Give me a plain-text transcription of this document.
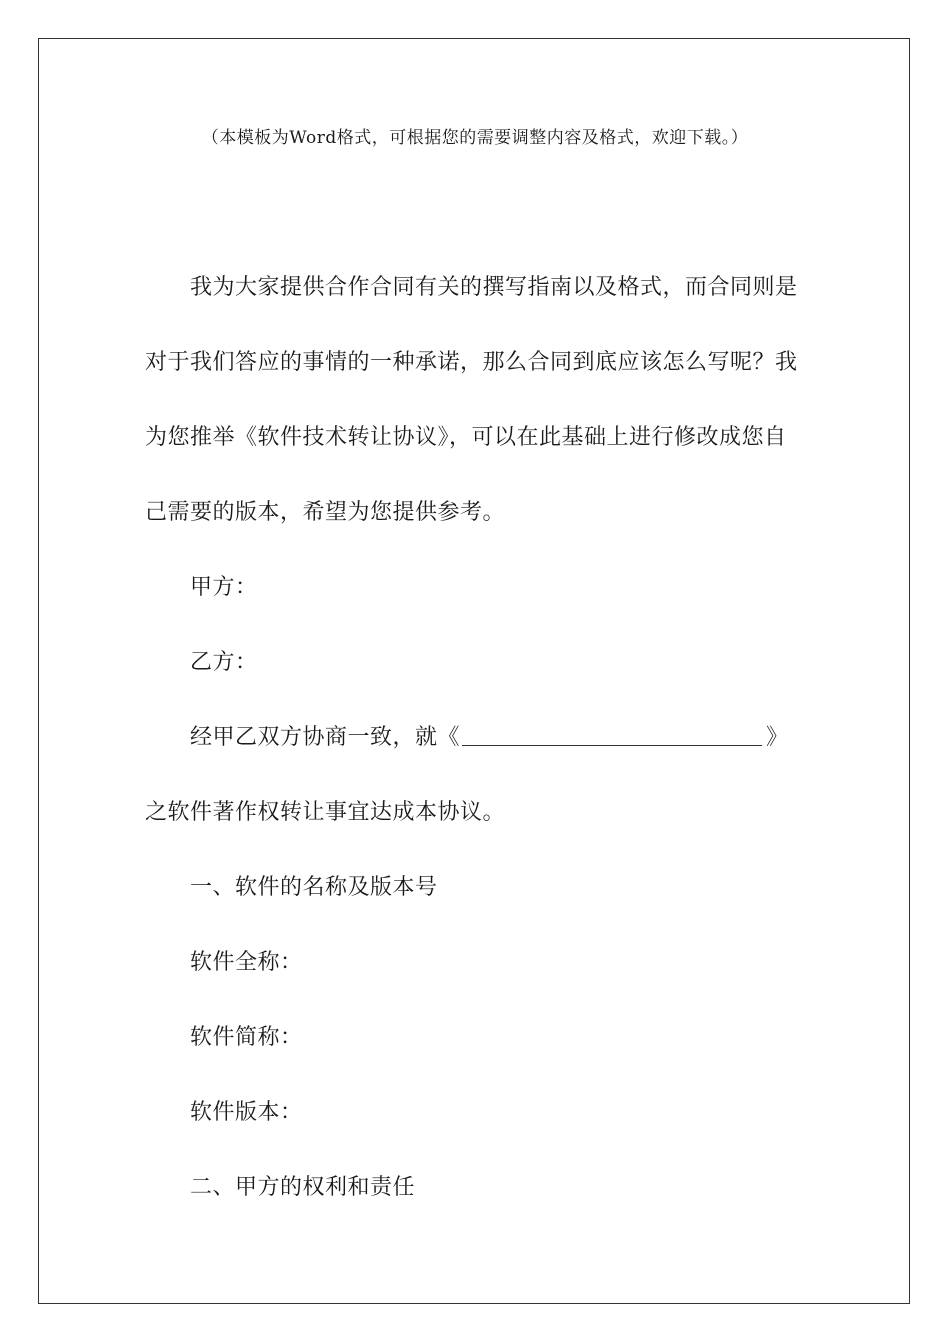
（本模板为Word格式，可根据您的需要调整内容及格式，欢迎下载。）
我为大家提供合作合同有关的撰写指南以及格式，而合同则是
对于我们答应的事情的一种承诺，那么合同到底应该怎么写呢？我
为您推举《软件技术转让协议》，可以在此基础上进行修改成您自
己需要的版本，希望为您提供参考。
甲方：
乙方：
经甲乙双方协商一致，就《	》
之软件著作权转让事宜达成本协议。
一、软件的名称及版本号
软件全称：
软件简称：
软件版本：
二、甲方的权利和责任
